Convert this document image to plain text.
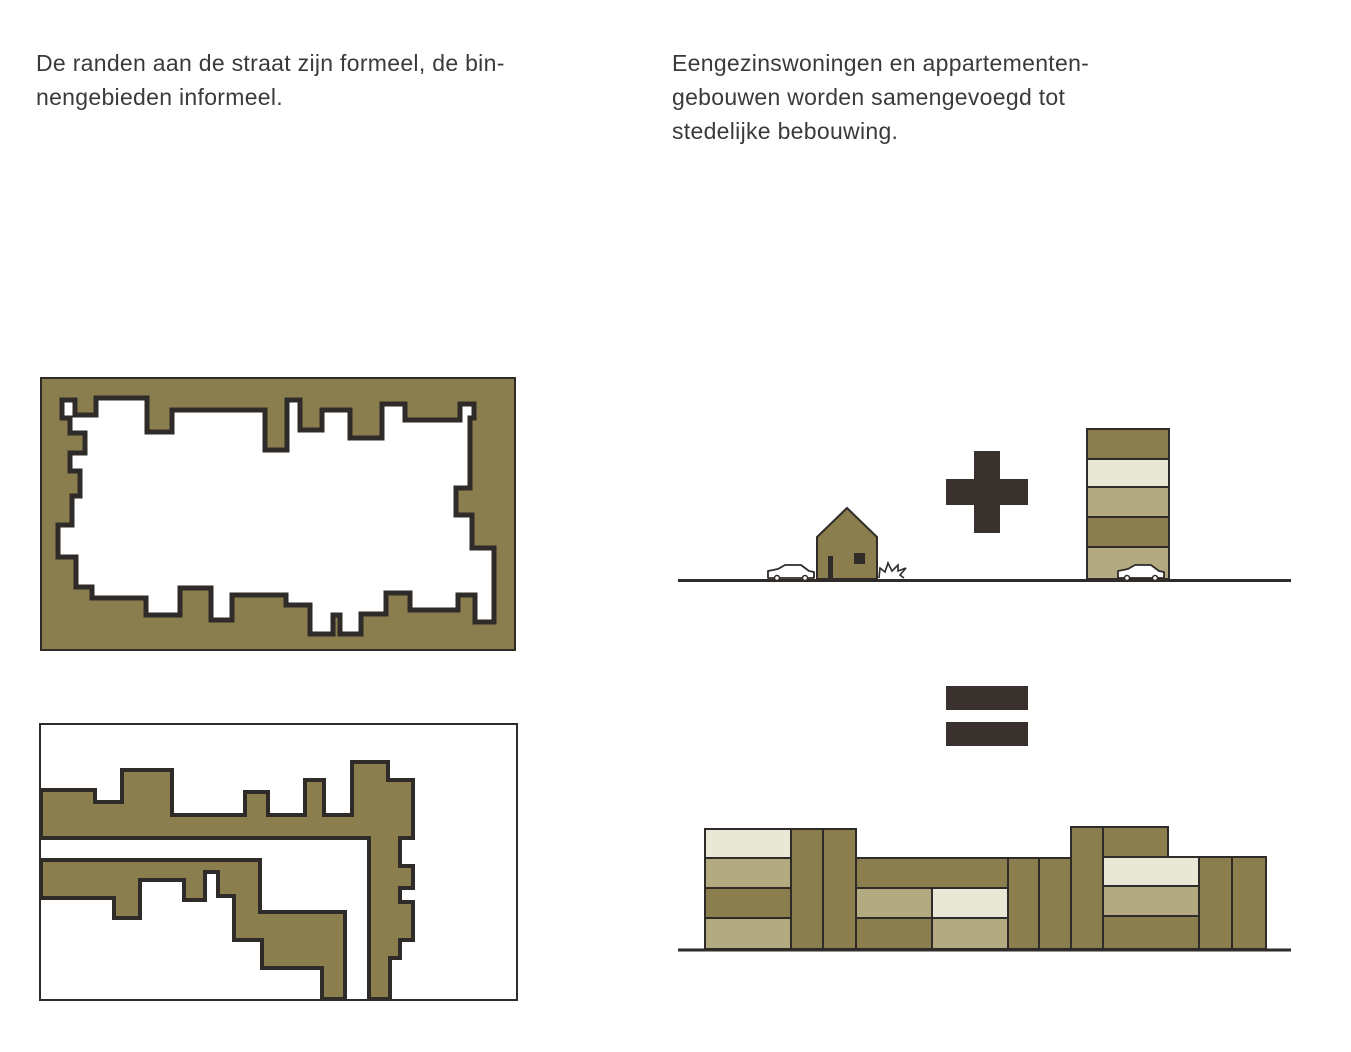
De randen aan de straat zijn formeel, de bin-
nengebieden informeel.
Eengezinswoningen en appartementen-
gebouwen worden samengevoegd tot
stedelijke bebouwing.
